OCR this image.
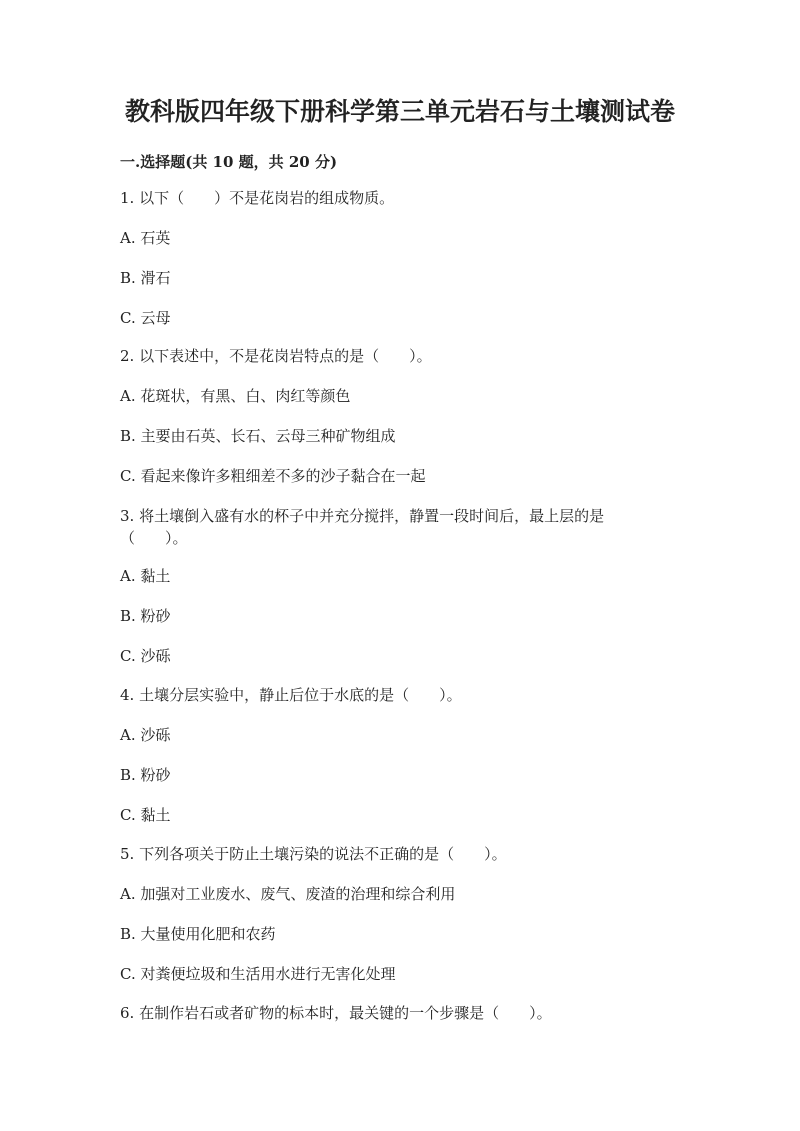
教科版四年级下册科学第三单元岩石与土壤测试卷
一.选择题(共 10 题，共 20 分)
1. 以下（　　）不是花岗岩的组成物质。
A. 石英
B. 滑石
C. 云母
2. 以下表述中，不是花岗岩特点的是（　　）。
A. 花斑状，有黑、白、肉红等颜色
B. 主要由石英、长石、云母三种矿物组成
C. 看起来像许多粗细差不多的沙子黏合在一起
3. 将土壤倒入盛有水的杯子中并充分搅拌，静置一段时间后，最上层的是（　　）。
A. 黏土
B. 粉砂
C. 沙砾
4. 土壤分层实验中，静止后位于水底的是（　　）。
A. 沙砾
B. 粉砂
C. 黏土
5. 下列各项关于防止土壤污染的说法不正确的是（　　）。
A. 加强对工业废水、废气、废渣的治理和综合利用
B. 大量使用化肥和农药
C. 对粪便垃圾和生活用水进行无害化处理
6. 在制作岩石或者矿物的标本时，最关键的一个步骤是（　　）。
